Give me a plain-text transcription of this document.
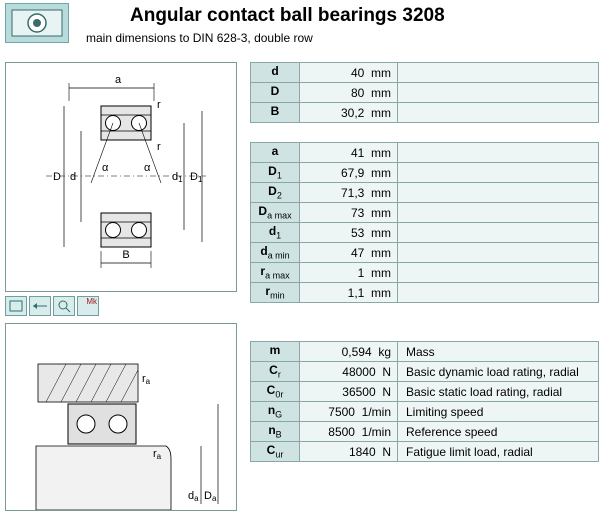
Angular contact ball bearings 3208
main dimensions to DIN 628-3, double row
a
r
r
α	α
D d	d1 D1
B
Mk
ra
ra
da Da
d	40 mm	
D	80 mm	
B	30,2 mm	
a	41 mm	
$D_1$	67,9 mm	
$D_2$	71,3 mm	
$D_{a max}$	73 mm	
$d_1$	53 mm	
$d_{a min}$	47 mm	
$r_{a max}$	1 mm	
$r_{min}$	1,1 mm	
m	0,594 kg	Mass
$C_r$	48000 N	Basic dynamic load rating, radial
$C_{0r}$	36500 N	Basic static load rating, radial
$n_G$	7500 1/min	Limiting speed
$n_B$	8500 1/min	Reference speed
$C_{ur}$	1840 N	Fatigue limit load, radial
